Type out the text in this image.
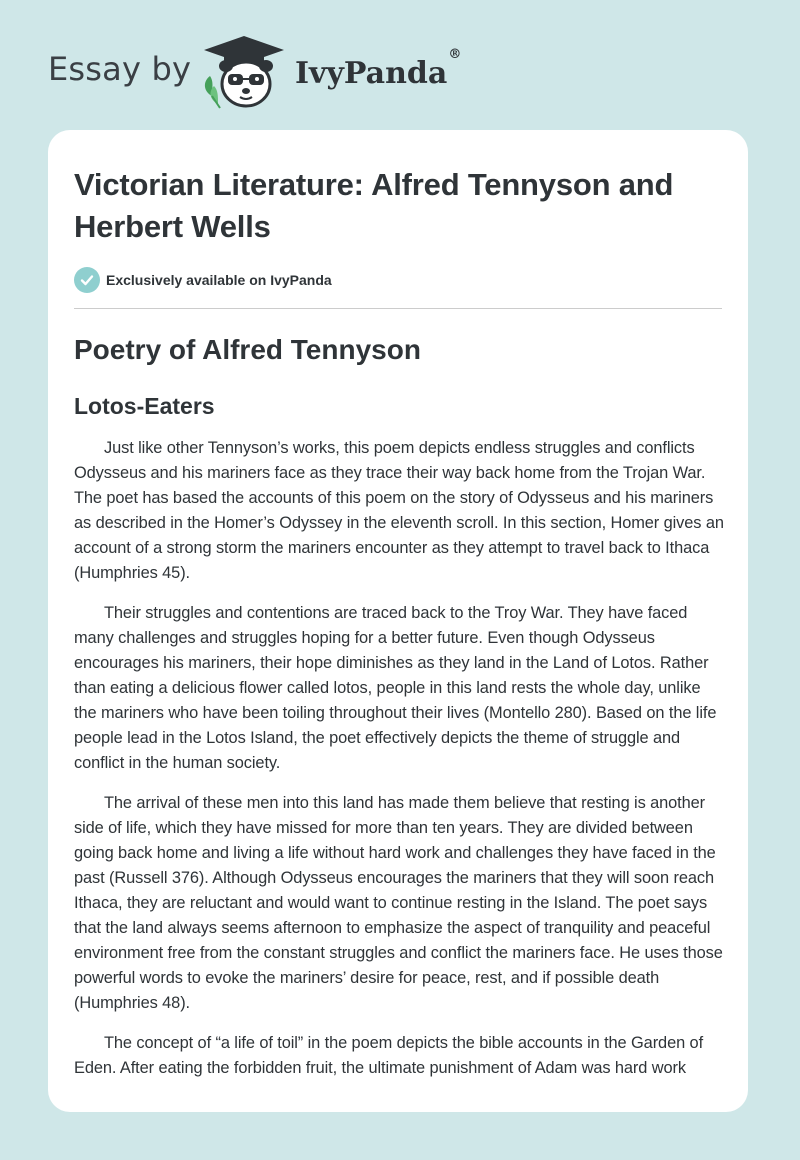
Essay by	IvyPanda®
Victorian Literature: Alfred Tennyson and Herbert Wells
Exclusively available on IvyPanda
Poetry of Alfred Tennyson
Lotos-Eaters

Just like other Tennyson’s works, this poem depicts endless struggles and conflicts Odysseus and his mariners face as they trace their way back home from the Trojan War. The poet has based the accounts of this poem on the story of Odysseus and his mariners as described in the Homer’s Odyssey in the eleventh scroll. In this section, Homer gives an account of a strong storm the mariners encounter as they attempt to travel back to Ithaca (Humphries 45).

Their struggles and contentions are traced back to the Troy War. They have faced many challenges and struggles hoping for a better future. Even though Odysseus encourages his mariners, their hope diminishes as they land in the Land of Lotos. Rather than eating a delicious flower called lotos, people in this land rests the whole day, unlike the mariners who have been toiling throughout their lives (Montello 280). Based on the life people lead in the Lotos Island, the poet effectively depicts the theme of struggle and conflict in the human society.

The arrival of these men into this land has made them believe that resting is another side of life, which they have missed for more than ten years. They are divided between going back home and living a life without hard work and challenges they have faced in the past (Russell 376). Although Odysseus encourages the mariners that they will soon reach Ithaca, they are reluctant and would want to continue resting in the Island. The poet says that the land always seems afternoon to emphasize the aspect of tranquility and peaceful environment free from the constant struggles and conflict the mariners face. He uses those powerful words to evoke the mariners’ desire for peace, rest, and if possible death (Humphries 48).

The concept of “a life of toil” in the poem depicts the bible accounts in the Garden of Eden. After eating the forbidden fruit, the ultimate punishment of Adam was hard work
